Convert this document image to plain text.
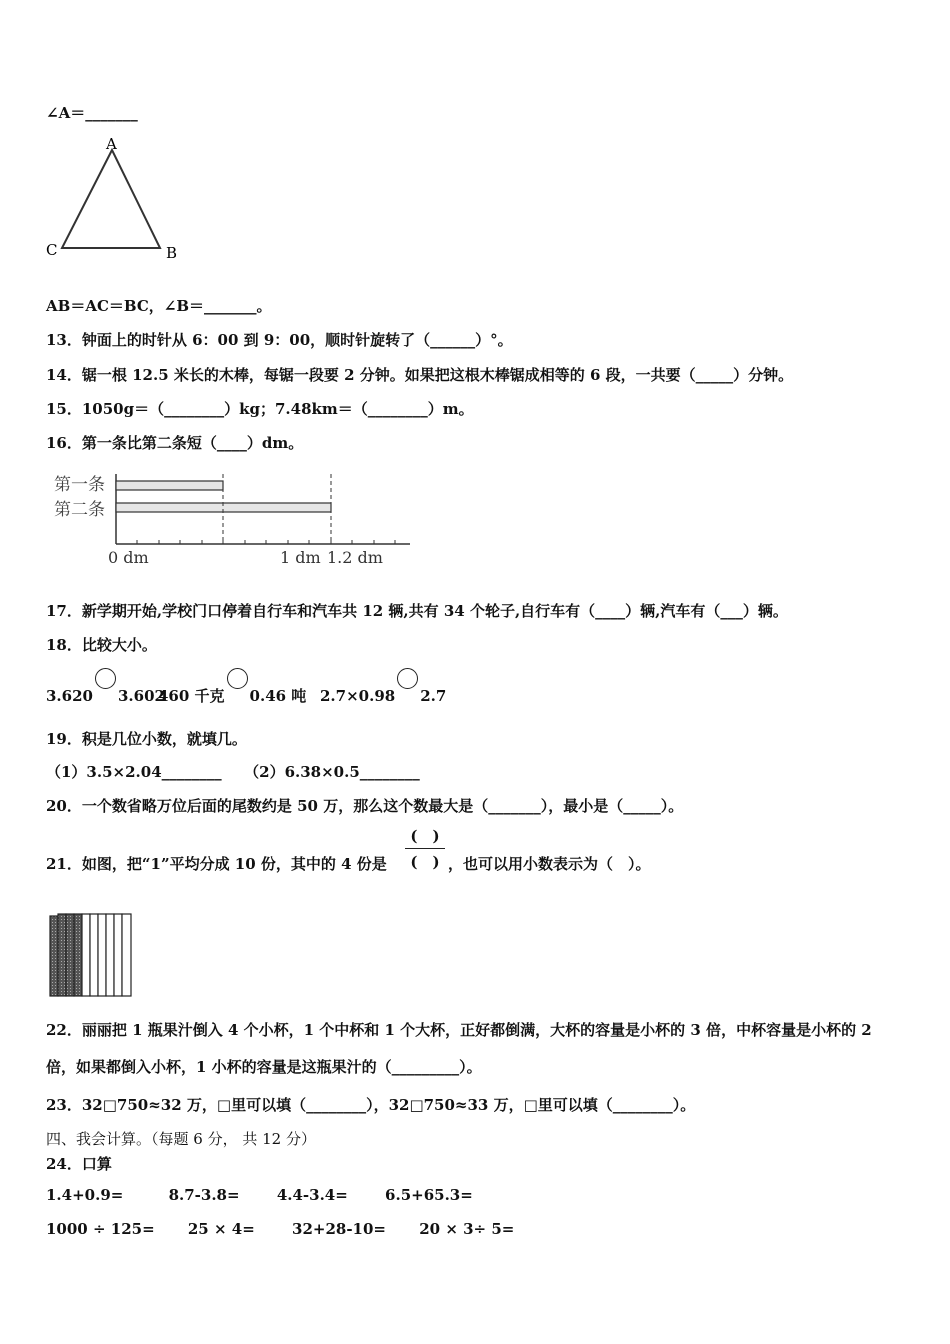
∠A＝_______
A
C	B
AB＝AC＝BC，∠B＝_______。
13．钟面上的时针从 6：00 到 9：00，顺时针旋转了（______）°。
14．锯一根 12.5 米长的木棒，每锯一段要 2 分钟。如果把这根木棒锯成相等的 6 段，一共要（_____）分钟。
15．1050g＝（________）kg；7.48km＝（________）m。
16．第一条比第二条短（____）dm。
第一条
第二条
0 dm	1 dm 1.2 dm
17．新学期开始,学校门口停着自行车和汽车共 12 辆,共有 34 个轮子,自行车有（____）辆,汽车有（___）辆。
18．比较大小。
3.620 3.602
460 千克 0.46 吨 2.7×0.98 2.7
19．积是几位小数，就填几。
（1）3.5×2.04________　　（2）6.38×0.5________
20．一个数省略万位后面的尾数约是 50 万，那么这个数最大是（_______），最小是（_____）。
(　)
(　)
21．如图，把“1”平均分成 10 份，其中的 4 份是	，也可以用小数表示为（　）。
22．丽丽把 1 瓶果汁倒入 4 个小杯，1 个中杯和 1 个大杯，正好都倒满，大杯的容量是小杯的 3 倍，中杯容量是小杯的 2 倍，如果都倒入小杯，1 小杯的容量是这瓶果汁的（_________）。
23．32□750≈32 万，□里可以填（________），32□750≈33 万，□里可以填（________）。
四、我会计算。（每题 6 分， 共 12 分）
24．口算
1.4+0.9=	8.7-3.8= 4.4-3.4= 6.5+65.3=
1000 ÷ 125= 25 × 4= 32+28-10= 20 × 3÷ 5=
